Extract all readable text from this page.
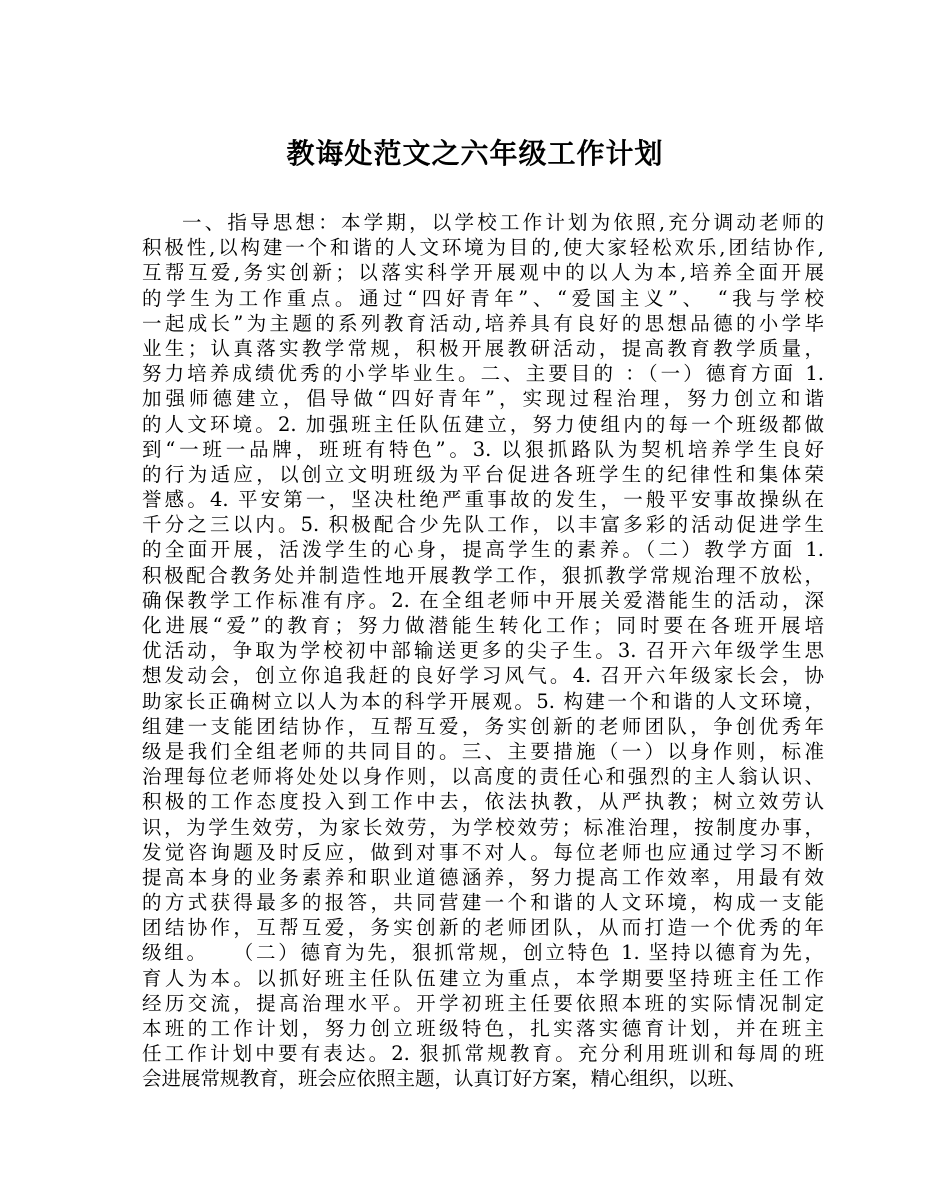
教诲处范文之六年级工作计划
一、指导思想：本学期，以学校工作计划为依照,充分调动老师的
积极性,以构建一个和谐的人文环境为目的,使大家轻松欢乐,团结协作,
互帮互爱,务实创新；以落实科学开展观中的以人为本,培养全面开展
的学生为工作重点。通过“四好青年”、“爱国主义”、 “我与学校
一起成长”为主题的系列教育活动,培养具有良好的思想品德的小学毕
业生；认真落实教学常规，积极开展教研活动，提高教育教学质量，
努力培养成绩优秀的小学毕业生。二、主要目的 ：（一）德育方面 1.
加强师德建立，倡导做“四好青年”，实现过程治理，努力创立和谐
的人文环境。2. 加强班主任队伍建立，努力使组内的每一个班级都做
到“一班一品牌，班班有特色”。3. 以狠抓路队为契机培养学生良好
的行为适应，以创立文明班级为平台促进各班学生的纪律性和集体荣
誉感。4. 平安第一，坚决杜绝严重事故的发生，一般平安事故操纵在
千分之三以内。5. 积极配合少先队工作，以丰富多彩的活动促进学生
的全面开展，活泼学生的心身，提高学生的素养。（二）教学方面 1.
积极配合教务处并制造性地开展教学工作，狠抓教学常规治理不放松，
确保教学工作标准有序。2. 在全组老师中开展关爱潜能生的活动，深
化进展“爱”的教育；努力做潜能生转化工作；同时要在各班开展培
优活动，争取为学校初中部输送更多的尖子生。3. 召开六年级学生思
想发动会，创立你追我赶的良好学习风气。4. 召开六年级家长会，协
助家长正确树立以人为本的科学开展观。5. 构建一个和谐的人文环境，
组建一支能团结协作，互帮互爱，务实创新的老师团队，争创优秀年
级是我们全组老师的共同目的。三、主要措施（一）以身作则，标准
治理每位老师将处处以身作则，以高度的责任心和强烈的主人翁认识、
积极的工作态度投入到工作中去，依法执教，从严执教；树立效劳认
识，为学生效劳，为家长效劳，为学校效劳；标准治理，按制度办事，
发觉咨询题及时反应，做到对事不对人。每位老师也应通过学习不断
提高本身的业务素养和职业道德涵养，努力提高工作效率，用最有效
的方式获得最多的报答，共同营建一个和谐的人文环境，构成一支能
团结协作，互帮互爱，务实创新的老师团队，从而打造一个优秀的年
级组。　　（二）德育为先，狠抓常规，创立特色 1. 坚持以德育为先，
育人为本。以抓好班主任队伍建立为重点，本学期要坚持班主任工作
经历交流，提高治理水平。开学初班主任要依照本班的实际情况制定
本班的工作计划，努力创立班级特色，扎实落实德育计划，并在班主
任工作计划中要有表达。2. 狠抓常规教育。充分利用班训和每周的班
会进展常规教育，班会应依照主题，认真订好方案，精心组织，以班、
